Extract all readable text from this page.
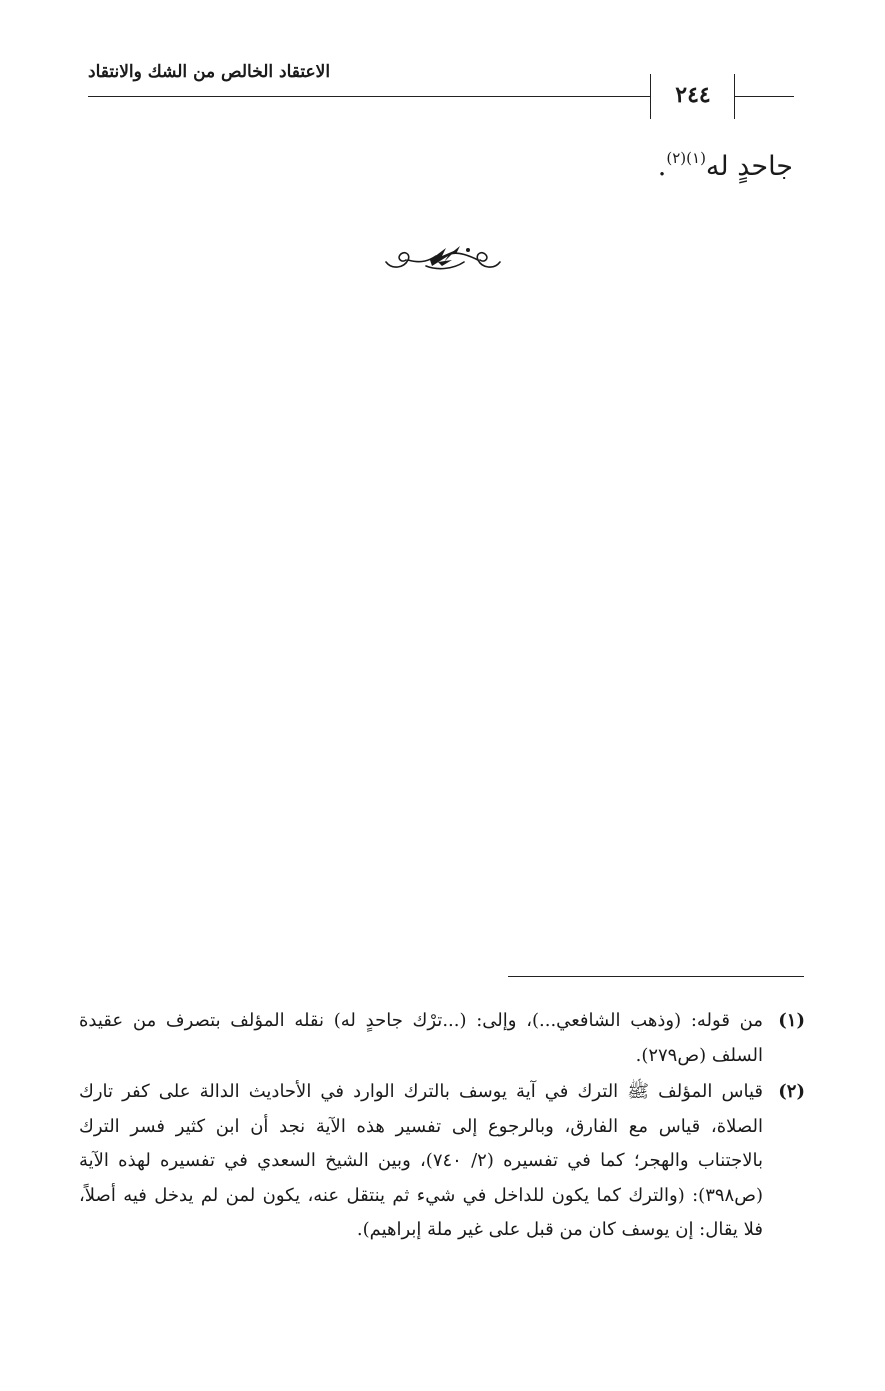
الاعتقاد الخالص من الشك والانتقاد
٢٤٤
جاحدٍ له$^{(١)(٢)}$.
(١)
من قوله: (وذهب الشافعي...)، وإلى: (...ترْك جاحدٍ له) نقله المؤلف بتصرف من عقيدة السلف (ص٢٧٩).
(٢)
قياس المؤلف ﷺ الترك في آية يوسف بالترك الوارد في الأحاديث الدالة على كفر تارك الصلاة، قياس مع الفارق، وبالرجوع إلى تفسير هذه الآية نجد أن ابن كثير فسر الترك بالاجتناب والهجر؛ كما في تفسيره (٢/ ٧٤٠)، وبين الشيخ السعدي في تفسيره لهذه الآية (ص٣٩٨): (والترك كما يكون للداخل في شيء ثم ينتقل عنه، يكون لمن لم يدخل فيه أصلاً، فلا يقال: إن يوسف كان من قبل على غير ملة إبراهيم).
